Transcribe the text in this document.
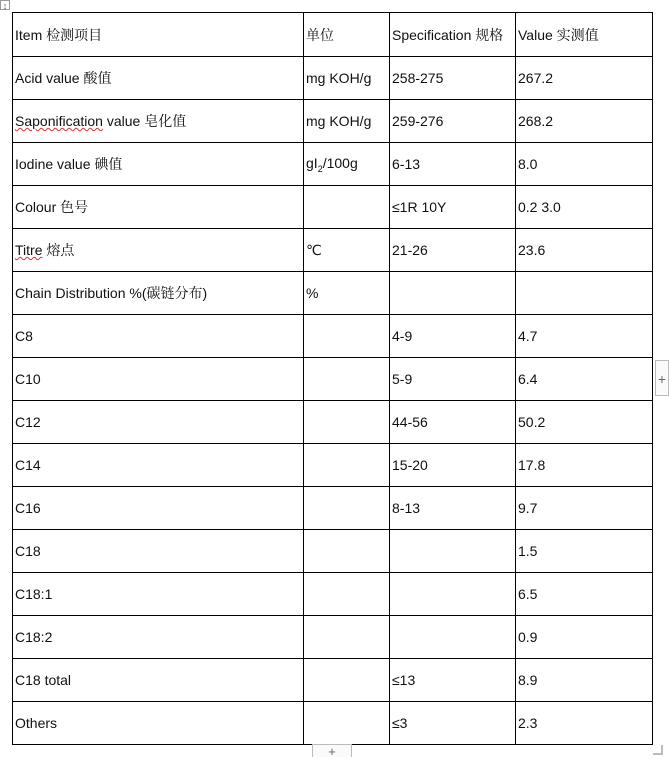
↕
Item 检测项目	单位	Specification 规格	Value 实测值
Acid value 酸值	mg KOH/g	258-275	267.2
Saponification value 皂化值	mg KOH/g	259-276	268.2
Iodine value 碘值	$gI_2/100g$	6-13	8.0
Colour 色号		≤1R 10Y	0.2 3.0
Titre 熔点	℃	21-26	23.6
Chain Distribution %(碳链分布)	%		
C8		4-9	4.7
C10		5-9	6.4
C12		44-56	50.2
C14		15-20	17.8
C16		8-13	9.7
C18			1.5
C18:1			6.5
C18:2			0.9
C18 total		≤13	8.9
Others		≤3	2.3
+
+
